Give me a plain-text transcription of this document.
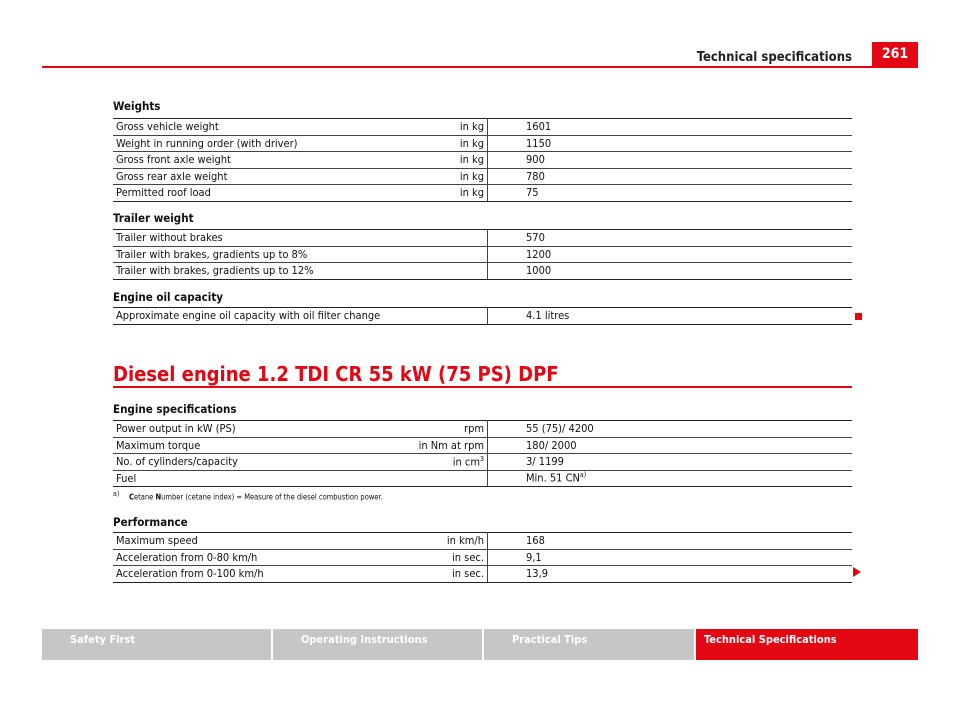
Technical specifications	261
Weights
Gross vehicle weight	in kg	1601
Weight in running order (with driver)	in kg	1150
Gross front axle weight	in kg	900
Gross rear axle weight	in kg	780
Permitted roof load	in kg	75
Trailer weight
Trailer without brakes	570
Trailer with brakes, gradients up to 8%	1200
Trailer with brakes, gradients up to 12%	1000
Engine oil capacity
Approximate engine oil capacity with oil filter change	4.1 litres
Diesel engine 1.2 TDI CR 55 kW (75 PS) DPF
Engine specifications
Power output in kW (PS)	rpm	55 (75)/ 4200
Maximum torque	in Nm at rpm	180/ 2000
No. of cylinders/capacity	in $cm^3$	3/ 1199
Fuel		Min. 51 CN$^{a)}$
$^{a)}$ Cetane Number (cetane index) = Measure of the diesel combustion power.
Performance
Maximum speed	in km/h	168
Acceleration from 0-80 km/h	in sec.	9,1
Acceleration from 0-100 km/h	in sec.	13,9
Safety First	Operating Instructions	Practical Tips	Technical Specifications
